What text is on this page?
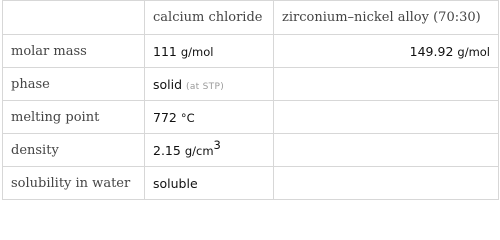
	calcium chloride	zirconium–nickel alloy (70:30)
molar mass	111 g/mol	149.92 g/mol
phase	solid (at STP)	
melting point	772 °C	
density	2.15 $g/cm^3$	
solubility in water	soluble	
